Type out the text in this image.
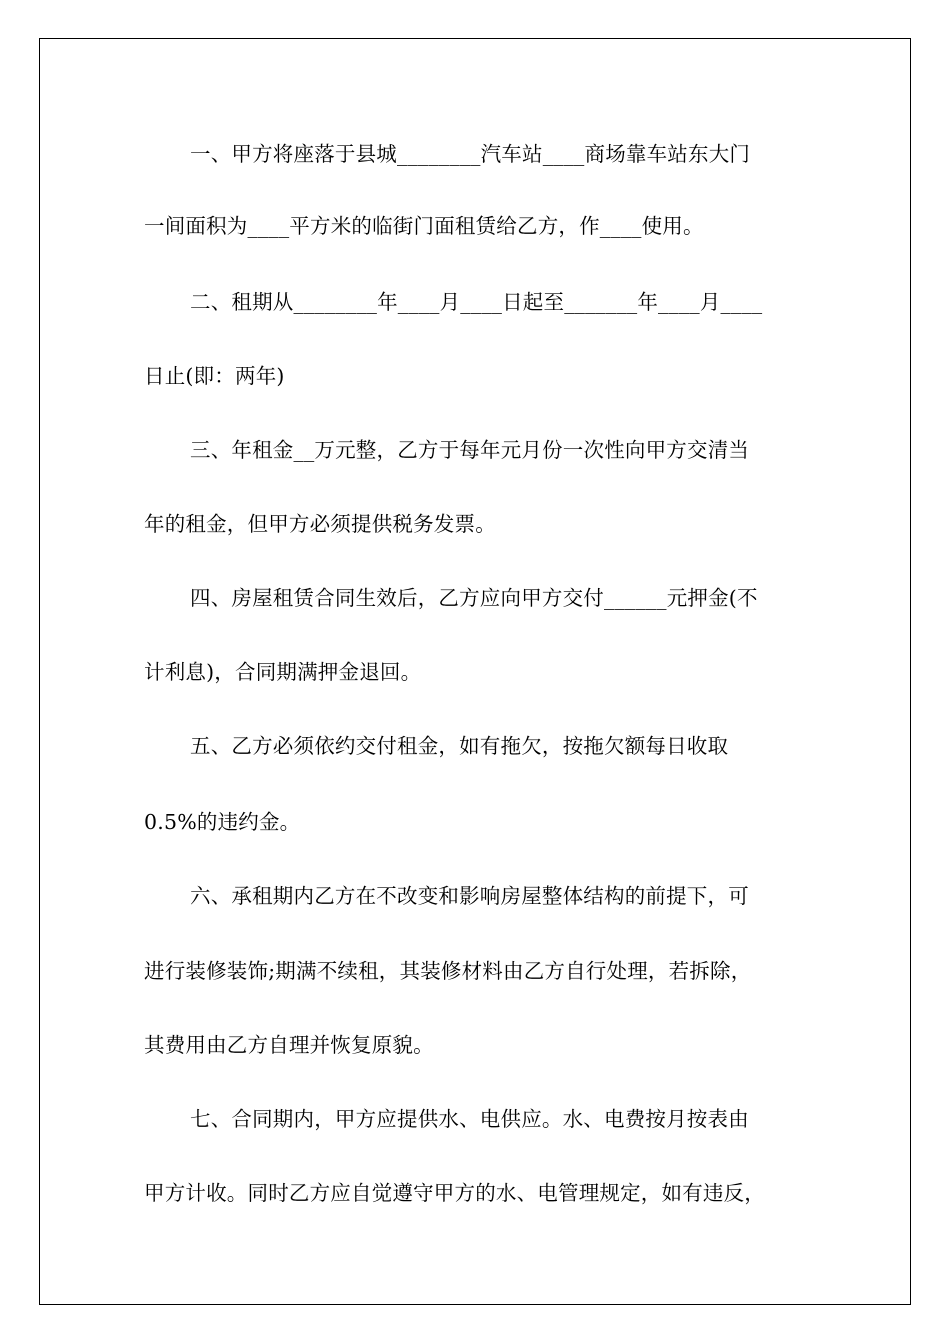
一、甲方将座落于县城________汽车站____商场靠车站东大门
一间面积为____平方米的临街门面租赁给乙方，作____使用。
二、租期从________年____月____日起至_______年____月____
日止(即：两年)
三、年租金__万元整，乙方于每年元月份一次性向甲方交清当
年的租金，但甲方必须提供税务发票。
四、房屋租赁合同生效后，乙方应向甲方交付______元押金(不
计利息)，合同期满押金退回。
五、乙方必须依约交付租金，如有拖欠，按拖欠额每日收取
0.5%的违约金。
六、承租期内乙方在不改变和影响房屋整体结构的前提下，可
进行装修装饰;期满不续租，其装修材料由乙方自行处理，若拆除，
其费用由乙方自理并恢复原貌。
七、合同期内，甲方应提供水、电供应。水、电费按月按表由
甲方计收。同时乙方应自觉遵守甲方的水、电管理规定，如有违反，
